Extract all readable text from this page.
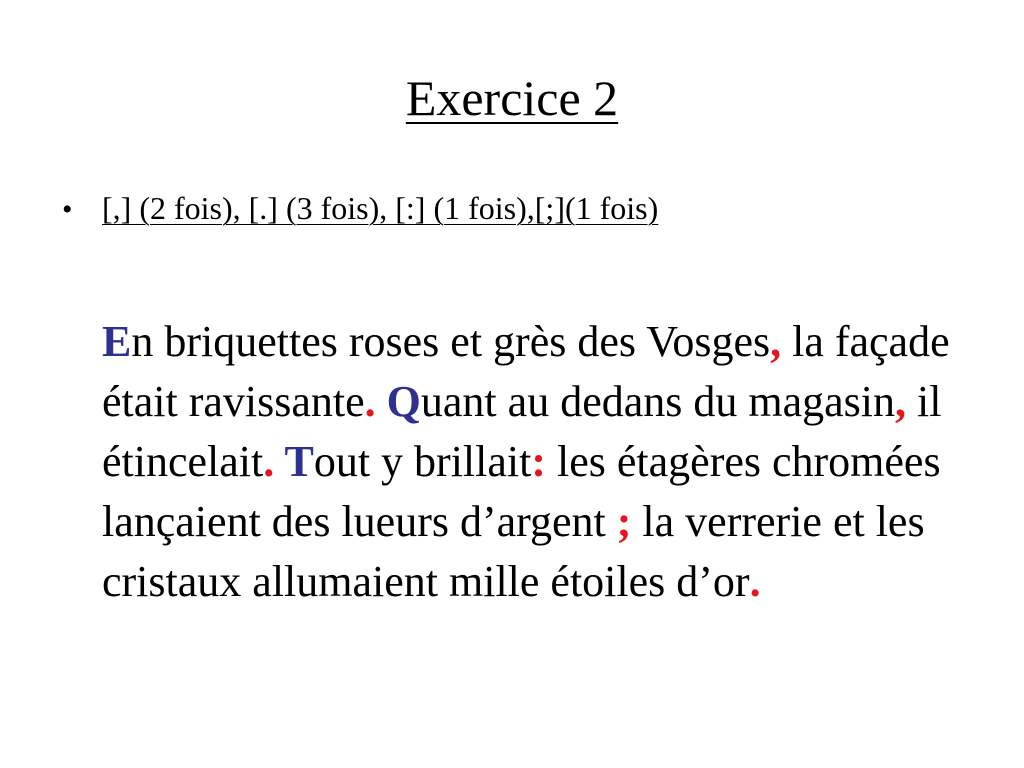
Exercice 2
• [,] (2 fois), [.] (3 fois), [:] (1 fois),[;](1 fois)
En briquettes roses et grès des Vosges, la façade était ravissante. Quant au dedans du magasin, il étincelait. Tout y brillait: les étagères chromées lançaient des lueurs d’argent ; la verrerie et les cristaux allumaient mille étoiles d’or.
